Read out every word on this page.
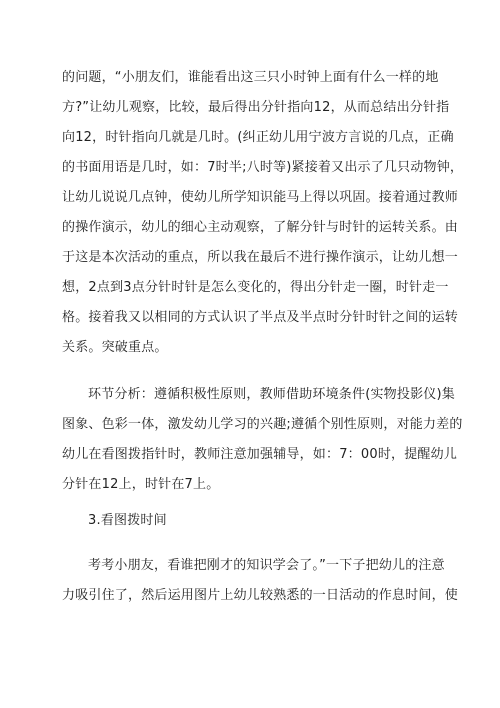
的问题，“小朋友们，谁能看出这三只小时钟上面有什么一样的地
方?”让幼儿观察，比较，最后得出分针指向12，从而总结出分针指
向12，时针指向几就是几时。(纠正幼儿用宁波方言说的几点，正确
的书面用语是几时，如：7时半;八时等)紧接着又出示了几只动物钟，
让幼儿说说几点钟，使幼儿所学知识能马上得以巩固。接着通过教师
的操作演示，幼儿的细心主动观察，了解分针与时针的运转关系。由
于这是本次活动的重点，所以我在最后不进行操作演示，让幼儿想一
想，2点到3点分针时针是怎么变化的，得出分针走一圈，时针走一
格。接着我又以相同的方式认识了半点及半点时分针时针之间的运转
关系。突破重点。

环节分析：遵循积极性原则，教师借助环境条件(实物投影仪)集
图象、色彩一体，激发幼儿学习的兴趣;遵循个别性原则，对能力差的
幼儿在看图拨指针时，教师注意加强辅导，如：7：00时，提醒幼儿
分针在12上，时针在7上。

3.看图拨时间

考考小朋友，看谁把刚才的知识学会了。”一下子把幼儿的注意
力吸引住了，然后运用图片上幼儿较熟悉的一日活动的作息时间，使
